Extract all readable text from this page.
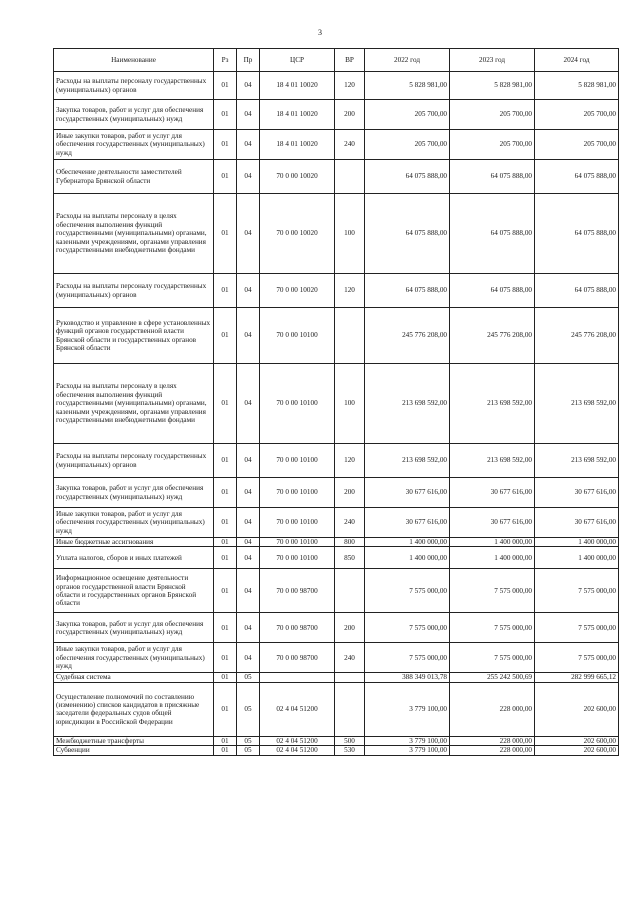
3
Наименование	Рз	Пр	ЦСР	ВР	2022 год	2023 год	2024 год
Расходы на выплаты персоналу государственных (муниципальных) органов	01	04	18 4 01 10020	120	5 828 981,00	5 828 981,00	5 828 981,00
Закупка товаров, работ и услуг для обеспечения государственных (муниципальных) нужд	01	04	18 4 01 10020	200	205 700,00	205 700,00	205 700,00
Иные закупки товаров, работ и услуг для обеспечения государственных (муниципальных) нужд	01	04	18 4 01 10020	240	205 700,00	205 700,00	205 700,00
Обеспечение деятельности заместителей Губернатора Брянской области	01	04	70 0 00 10020		64 075 888,00	64 075 888,00	64 075 888,00
Расходы на выплаты персоналу в целях обеспечения выполнения функций государственными (муниципальными) органами, казенными учреждениями, органами управления государственными внебюджетными фондами	01	04	70 0 00 10020	100	64 075 888,00	64 075 888,00	64 075 888,00
Расходы на выплаты персоналу государственных (муниципальных) органов	01	04	70 0 00 10020	120	64 075 888,00	64 075 888,00	64 075 888,00
Руководство и управление в сфере установленных функций органов государственной власти Брянской области и государственных органов Брянской области	01	04	70 0 00 10100		245 776 208,00	245 776 208,00	245 776 208,00
Расходы на выплаты персоналу в целях обеспечения выполнения функций государственными (муниципальными) органами, казенными учреждениями, органами управления государственными внебюджетными фондами	01	04	70 0 00 10100	100	213 698 592,00	213 698 592,00	213 698 592,00
Расходы на выплаты персоналу государственных (муниципальных) органов	01	04	70 0 00 10100	120	213 698 592,00	213 698 592,00	213 698 592,00
Закупка товаров, работ и услуг для обеспечения государственных (муниципальных) нужд	01	04	70 0 00 10100	200	30 677 616,00	30 677 616,00	30 677 616,00
Иные закупки товаров, работ и услуг для обеспечения государственных (муниципальных) нужд	01	04	70 0 00 10100	240	30 677 616,00	30 677 616,00	30 677 616,00
Иные бюджетные ассигнования	01	04	70 0 00 10100	800	1 400 000,00	1 400 000,00	1 400 000,00
Уплата налогов, сборов и иных платежей	01	04	70 0 00 10100	850	1 400 000,00	1 400 000,00	1 400 000,00
Информационное освещение деятельности органов государственной власти Брянской области и государственных органов Брянской области	01	04	70 0 00 98700		7 575 000,00	7 575 000,00	7 575 000,00
Закупка товаров, работ и услуг для обеспечения государственных (муниципальных) нужд	01	04	70 0 00 98700	200	7 575 000,00	7 575 000,00	7 575 000,00
Иные закупки товаров, работ и услуг для обеспечения государственных (муниципальных) нужд	01	04	70 0 00 98700	240	7 575 000,00	7 575 000,00	7 575 000,00
Судебная система	01	05			388 349 013,78	255 242 500,69	282 999 665,12
Осуществление полномочий по составлению (изменению) списков кандидатов в присяжные заседатели федеральных судов общей юрисдикции в Российской Федерации	01	05	02 4 04 51200		3 779 100,00	228 000,00	202 600,00
Межбюджетные трансферты	01	05	02 4 04 51200	500	3 779 100,00	228 000,00	202 600,00
Субвенции	01	05	02 4 04 51200	530	3 779 100,00	228 000,00	202 600,00
